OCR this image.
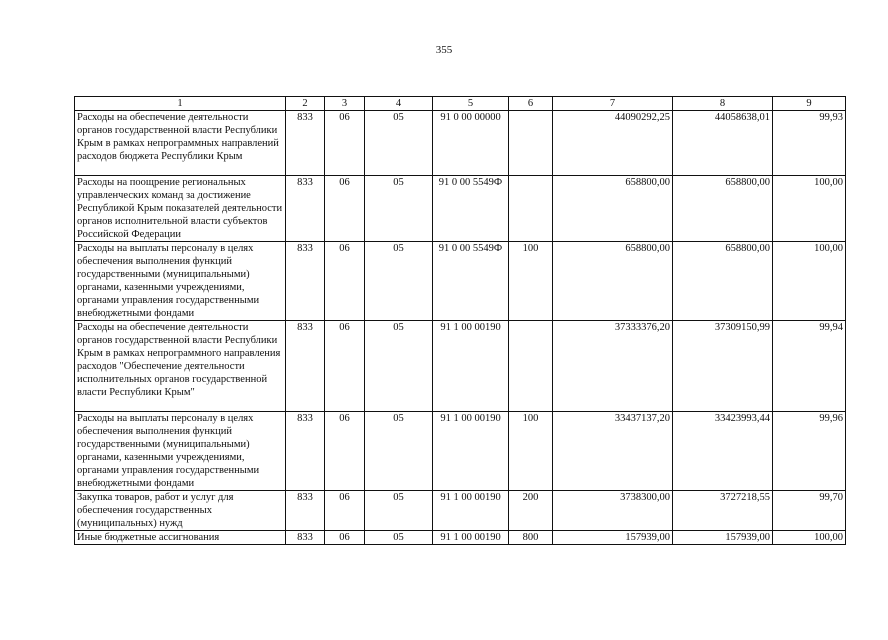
355
1	2	3	4	5	6	7	8	9
Расходы на обеспечение деятельности органов государственной власти Республики Крым в рамках непрограммных направлений расходов бюджета Республики Крым	833	06	05	91 0 00 00000		44090292,25	44058638,01	99,93
Расходы на поощрение региональных управленческих команд за достижение Республикой Крым показателей деятельности органов исполнительной власти субъектов Российской Федерации	833	06	05	91 0 00 5549Ф		658800,00	658800,00	100,00
Расходы на выплаты персоналу в целях обеспечения выполнения функций государственными (муниципальными) органами, казенными учреждениями, органами управления государственными внебюджетными фондами	833	06	05	91 0 00 5549Ф	100	658800,00	658800,00	100,00
Расходы на обеспечение деятельности органов государственной власти Республики Крым в рамках непрограммного направления расходов "Обеспечение деятельности исполнительных органов государственной власти Республики Крым"	833	06	05	91 1 00 00190		37333376,20	37309150,99	99,94
Расходы на выплаты персоналу в целях обеспечения выполнения функций государственными (муниципальными) органами, казенными учреждениями, органами управления государственными внебюджетными фондами	833	06	05	91 1 00 00190	100	33437137,20	33423993,44	99,96
Закупка товаров, работ и услуг для обеспечения государственных (муниципальных) нужд	833	06	05	91 1 00 00190	200	3738300,00	3727218,55	99,70
Иные бюджетные ассигнования	833	06	05	91 1 00 00190	800	157939,00	157939,00	100,00
